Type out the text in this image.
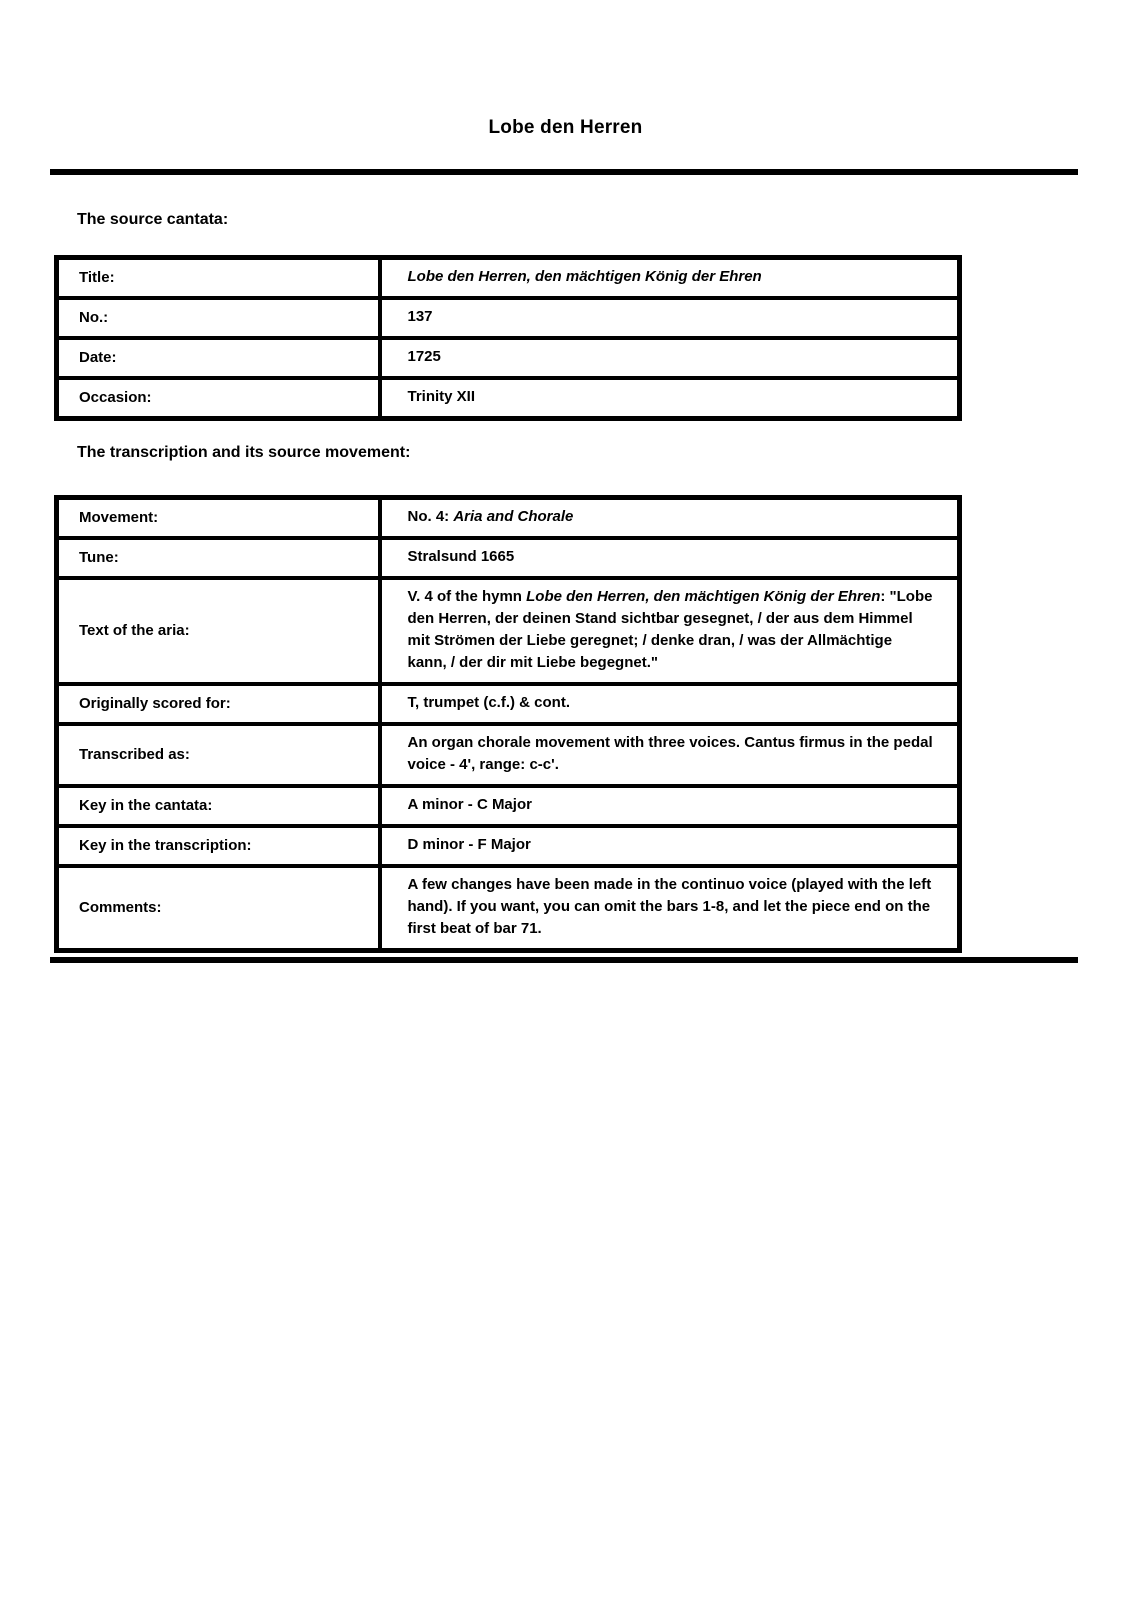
Lobe den Herren
The source cantata:
Title:	Lobe den Herren, den mächtigen König der Ehren
No.:	137
Date:	1725
Occasion:	Trinity XII
The transcription and its source movement:
Movement:	No. 4: Aria and Chorale
Tune:	Stralsund 1665
Text of the aria:	V. 4 of the hymn Lobe den Herren, den mächtigen König der Ehren: "Lobe den Herren, der deinen Stand sichtbar gesegnet, / der aus dem Himmel mit Strömen der Liebe geregnet; / denke dran, / was der Allmächtige kann, / der dir mit Liebe begegnet."
Originally scored for:	T, trumpet (c.f.) & cont.
Transcribed as:	An organ chorale movement with three voices. Cantus firmus in the pedal voice - 4', range: c-c'.
Key in the cantata:	A minor - C Major
Key in the transcription:	D minor - F Major
Comments:	A few changes have been made in the continuo voice (played with the left hand). If you want, you can omit the bars 1-8, and let the piece end on the first beat of bar 71.
